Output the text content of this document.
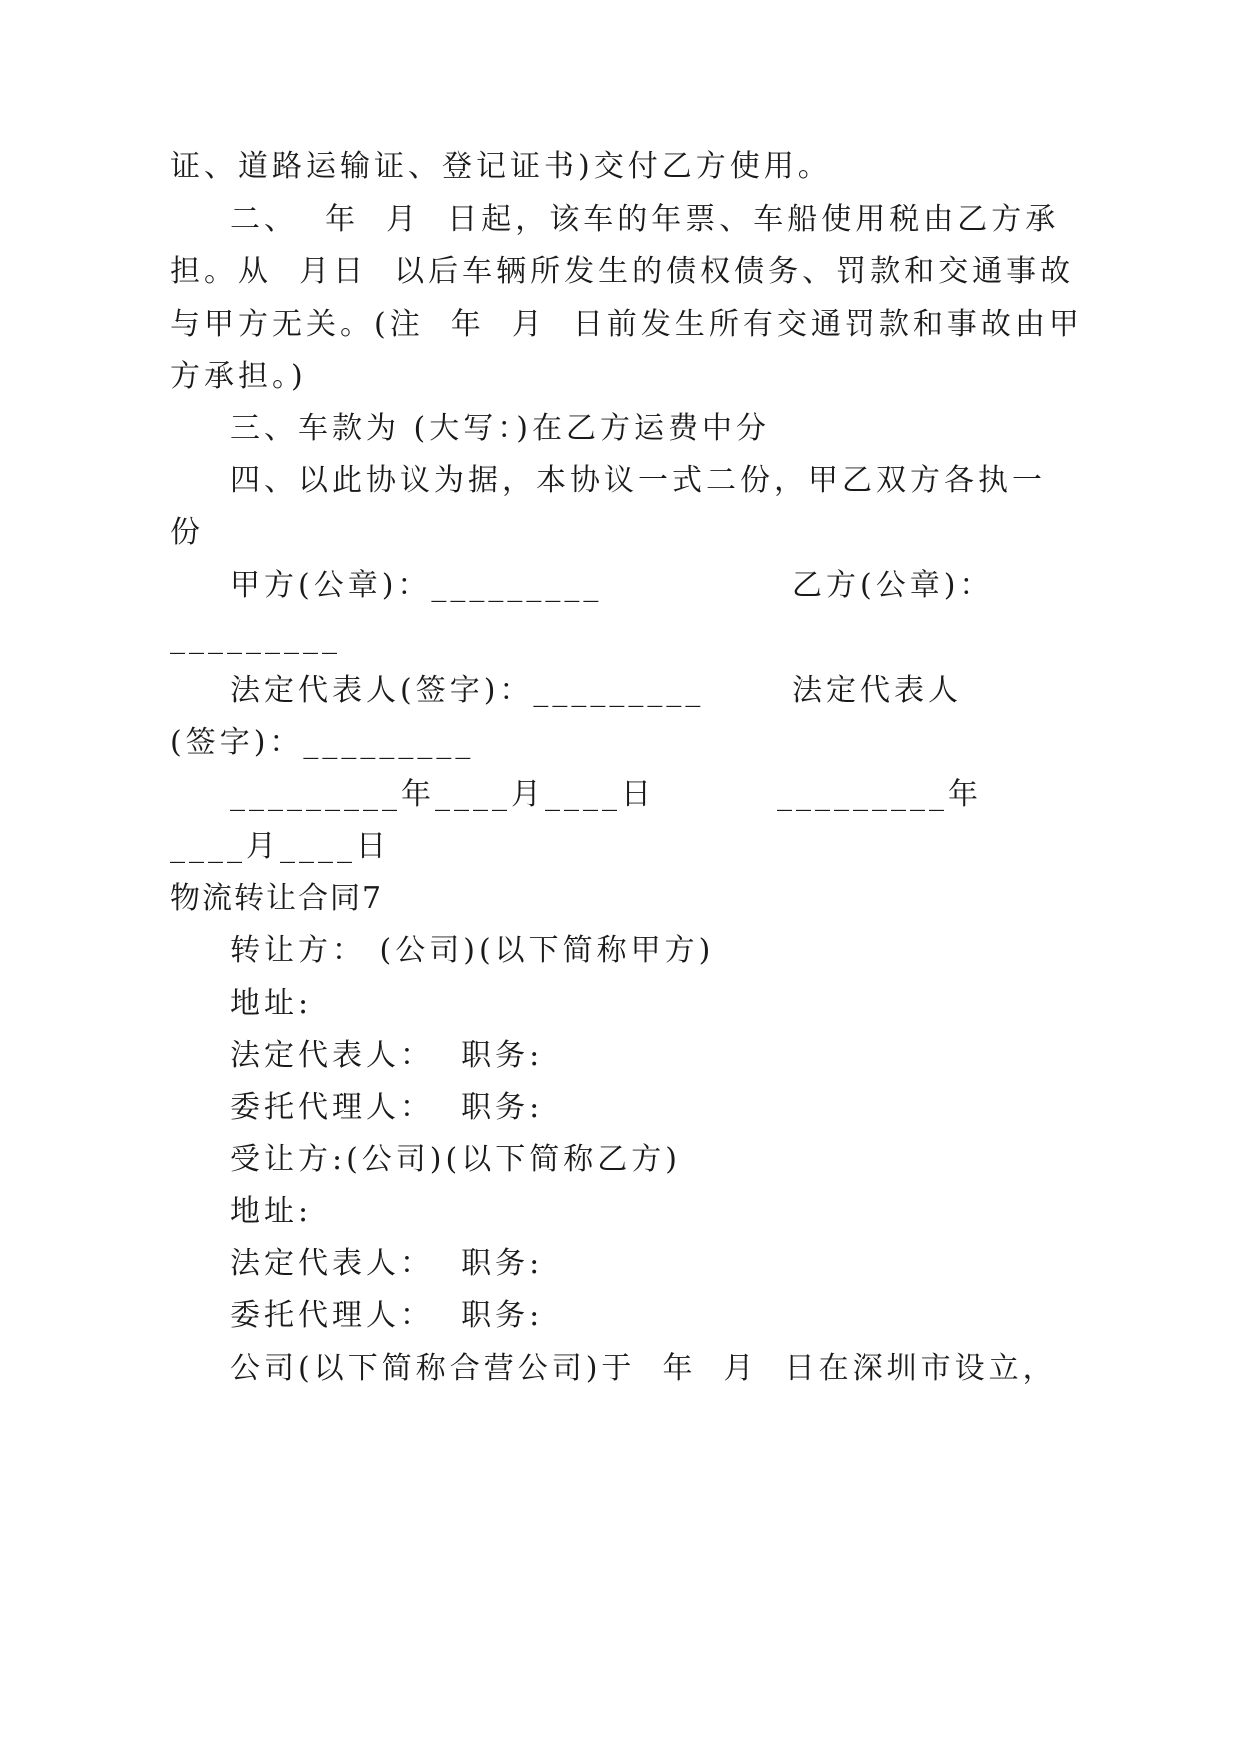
证、道路运输证、登记证书)交付乙方使用。
二、  年  月  日起，该车的年票、车船使用税由乙方承
担。从  月日  以后车辆所发生的债权债务、罚款和交通事故
与甲方无关。(注  年  月  日前发生所有交通罚款和事故由甲
方承担。)
三、车款为 (大写：)在乙方运费中分
四、以此协议为据，本协议一式二份，甲乙双方各执一
份
甲方(公章)：_________	乙方(公章)：
_________
法定代表人(签字)：_________	法定代表人
(签字)：_________
_________年____月____日	_________年
____月____日
物流转让合同7
转让方： (公司)(以下简称甲方)
地址:
法定代表人：  职务:
委托代理人：  职务:
受让方:(公司)(以下简称乙方)
地址:
法定代表人：  职务:
委托代理人：  职务:
公司(以下简称合营公司)于  年  月  日在深圳市设立，
